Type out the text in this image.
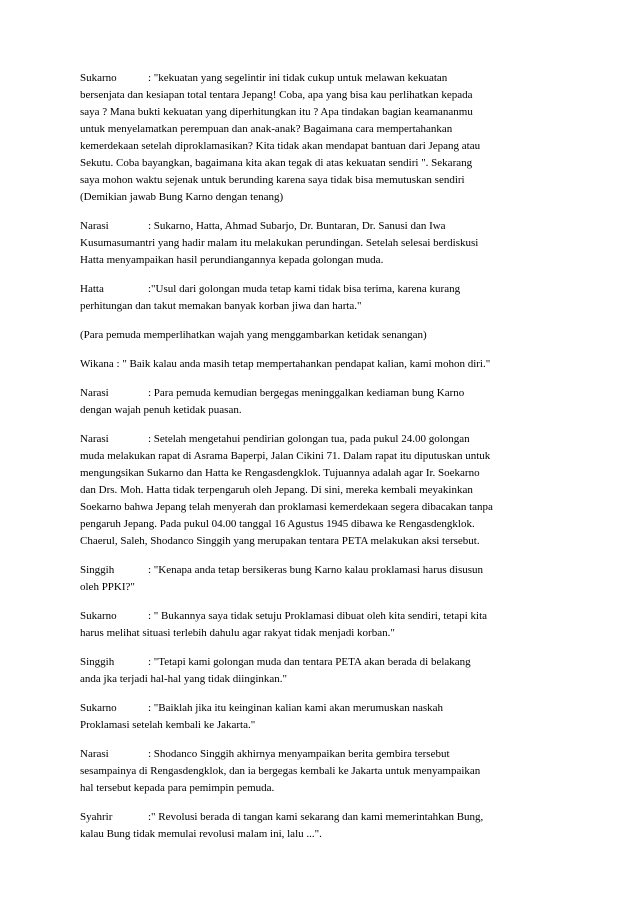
Sukarno	: "kekuatan yang segelintir ini tidak cukup untuk melawan kekuatan
bersenjata dan kesiapan total tentara Jepang! Coba, apa yang bisa kau perlihatkan kepada
saya ? Mana bukti kekuatan yang diperhitungkan itu ? Apa tindakan bagian keamananmu
untuk menyelamatkan perempuan dan anak-anak? Bagaimana cara mempertahankan
kemerdekaan setelah diproklamasikan? Kita tidak akan mendapat bantuan dari Jepang atau
Sekutu. Coba bayangkan, bagaimana kita akan tegak di atas kekuatan sendiri ". Sekarang
saya mohon waktu sejenak untuk berunding karena saya tidak bisa memutuskan sendiri
(Demikian jawab Bung Karno dengan tenang)
Narasi	: Sukarno, Hatta, Ahmad Subarjo, Dr. Buntaran, Dr. Sanusi dan Iwa
Kusumasumantri yang hadir malam itu melakukan perundingan. Setelah selesai berdiskusi
Hatta menyampaikan hasil perundiangannya kepada golongan muda.
Hatta	:"Usul dari golongan muda tetap kami tidak bisa terima, karena kurang
perhitungan dan takut memakan banyak korban jiwa dan harta."
(Para pemuda memperlihatkan wajah yang menggambarkan ketidak senangan)
Wikana : " Baik kalau anda masih tetap mempertahankan pendapat kalian, kami mohon diri."
Narasi	: Para pemuda kemudian bergegas meninggalkan kediaman bung Karno
dengan wajah penuh ketidak puasan.
Narasi	: Setelah mengetahui pendirian golongan tua, pada pukul 24.00 golongan
muda melakukan rapat di Asrama Baperpi, Jalan Cikini 71. Dalam rapat itu diputuskan untuk
mengungsikan Sukarno dan Hatta ke Rengasdengklok. Tujuannya adalah agar Ir. Soekarno
dan Drs. Moh. Hatta tidak terpengaruh oleh Jepang. Di sini, mereka kembali meyakinkan
Soekarno bahwa Jepang telah menyerah dan proklamasi kemerdekaan segera dibacakan tanpa
pengaruh Jepang. Pada pukul 04.00 tanggal 16 Agustus 1945 dibawa ke Rengasdengklok.
Chaerul, Saleh, Shodanco Singgih yang merupakan tentara PETA melakukan aksi tersebut.
Singgih	: "Kenapa anda tetap bersikeras bung Karno kalau proklamasi harus disusun
oleh PPKI?"
Sukarno	: " Bukannya saya tidak setuju Proklamasi dibuat oleh kita sendiri, tetapi kita
harus melihat situasi terlebih dahulu agar rakyat tidak menjadi korban."
Singgih	: "Tetapi kami golongan muda dan tentara PETA akan berada di belakang
anda jka terjadi hal-hal yang tidak diinginkan."
Sukarno	: "Baiklah jika itu keinginan kalian kami akan merumuskan naskah
Proklamasi setelah kembali ke Jakarta."
Narasi	: Shodanco Singgih akhirnya menyampaikan berita gembira tersebut
sesampainya di Rengasdengklok, dan ia bergegas kembali ke Jakarta untuk menyampaikan
hal tersebut kepada para pemimpin pemuda.
Syahrir	:" Revolusi berada di tangan kami sekarang dan kami memerintahkan Bung,
kalau Bung tidak memulai revolusi malam ini, lalu ...".
